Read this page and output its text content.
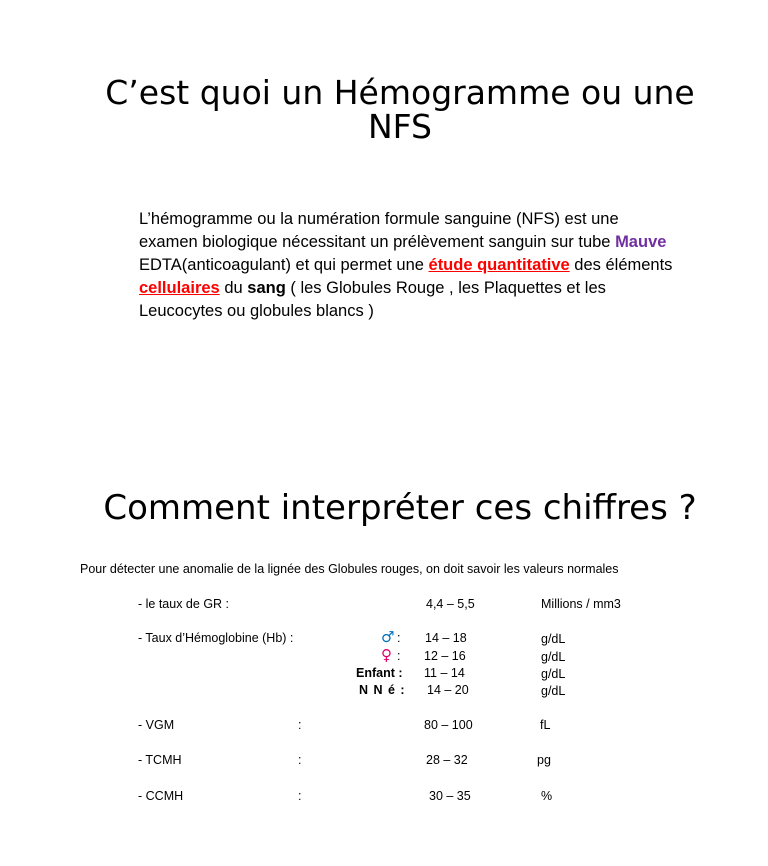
C’est quoi un Hémogramme ou une
NFS

L’hémogramme ou la numération formule sanguine (NFS) est une examen biologique nécessitant un prélèvement sanguin sur tube Mauve EDTA(anticoagulant) et qui permet une étude quantitative des éléments cellulaires du sang ( les Globules Rouge , les Plaquettes et les Leucocytes ou globules blancs )

Comment interpréter ces chiffres ?
Pour détecter une anomalie de la lignée des Globules rouges, on doit savoir les valeurs normales
- le taux de GR :	4,4 – 5,5	Millions / mm3
- Taux d’Hémoglobine (Hb) :	♂ : 14 – 18	g/dL
♀ : 12 – 16	g/dL
Enfant : 11 – 14	g/dL
N N é : 14 – 20	g/dL
- VGM	:	80 – 100	fL
- TCMH	:	28 – 32	pg
- CCMH	:	30 – 35	%
